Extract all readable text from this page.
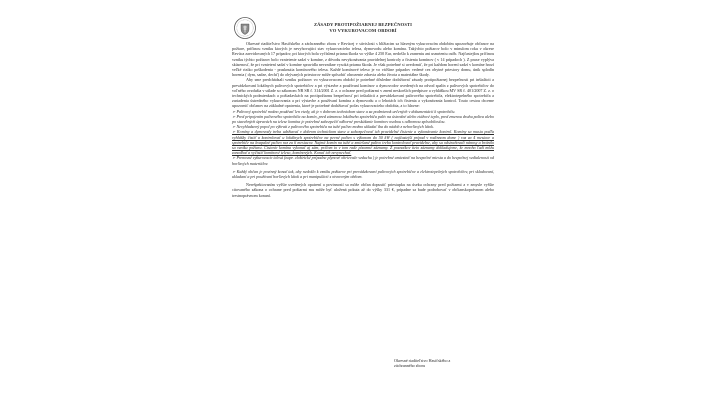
ZÁSADY PROTIPOŽIARNEJ BEZPEČNOSTI
VO VYKUROVACOM OBDOBÍ

Okresné riaditeľstvo Hasičského a záchranného zboru v Revúcej v súvislosti s blížiacim sa hlavným vykurovacím obdobím upozorňuje občanov na požiare, príčinou vzniku ktorých je nevyhovujúci stav vykurovacieho telesa, dymovodu alebo komína. Takýchto požiarov bolo v minulom roku v okrese Revúca zaevidovaných 17 prípadov, pri ktorých bola vyčíslená priama škoda vo výške 4 250 Eur, nedošlo k zraneniu ani usmrteniu osôb. Najčastejšou príčinou vzniku týchto požiarov bolo vznietenie sadzí v komíne, z dôvodu nevykonávania pravidelnej kontroly a čistenia komínov ( v 14 prípadoch ). Z praxe vyplýva skúsenosť, že pri vznietení sadzí v komíne spravidla nevznikne vysoká priama škoda. Je však potrebné si uvedomiť, že pri každom horení sadzí v komíne hrozí veľké riziko poškodenia - prasknutia komínového telesa. Každé komínové teleso je vo väčšine prípadov vedené cez obytné priestory domu, únik splodín horenia ( dym, sadze, dechť) do obývaných priestorov môže spôsobiť ohrozenie zdravia alebo života a materiálne škody.

Aby sme predchádzali vzniku požiarov vo vykurovacom období je potrebné dôsledne dodržiavať zásady protipožiarnej bezpečnosti pri inštalácii a prevádzkovaní lokálnych palivových spotrebičov a pri výstavbe a používaní komínov a dymovodov uvedených na odvod spalín z palivových spotrebičov do voľného ovzdušia v súlade so zákonom NR SR č. 314/2001 Z. z. o ochrane pred požiarmi v znení neskorších predpisov a vyhláškou MV SR č. 401/2007 Z. z. o technických podmienkach a požiadavkách na protipožiarnu bezpečnosť pri inštalácii a prevádzkovaní palivového spotrebiča, elektrotepelného spotrebiča a zariadenia ústredného vykurovania a pri výstavbe a používaní komína a dymovodu a o lehotách ich čistenia a vykonávania kontrol. Touto cestou chceme upozorniť občanov na základné opatrenia, ktoré je potrebné dodržiavať počas vykurovacieho obdobia, a to hlavne:

➢ Palivový spotrebič možno používať len vtedy, ak je v dobrom technickom stave a za podmienok určených v dokumentácii k spotrebiču.
➢ Pred pripojením palivového spotrebiča na komín, pred zámenou lokálneho spotrebiča palív na ústredné alebo etážové teplo, pred zmenou druhu paliva alebo po stavebných úpravách na telese komína je potrebné zabezpečiť odborné preskúšanie komínov osobou s odbornou spôsobilosťou.
➢ Nevyhladzený popol po výbrati z palivového spotrebiča na tuhé palivo možno ukladať iba do nádob z nehorľavých látok.
➢ Komíny a dymovody treba udržiavať v dobrom technickom stave a zabezpečovať ich pravidelné čistenie a vykonávanie kontrol. Komíny sa musia podľa vyhlášky čistiť a kontrolovať u lokálnych spotrebičov na pevné palivo s výkonom do 50 kW ( najčastejší prípad v rodinnom dome ) raz za 4 mesiace a spotrebiče na kvapalné palivo raz za 6 mesiacov. Najmä komín na tuhé a zmiešané palivo treba kontrolovať pravidelne, aby sa odstraňovali nánosy a bránilo sa vzniku požiaru. Čistenie komína vykonať aj sám, pričom to v tom rade písomné záznamy. Z poznatkov tieto záznamy dokladujeme, že mnoho ľudí môžu zanedbať a vyčistiť komínové teleso, komínových. Konať ich nevynechať.
➢ Prenosné vykurovacie telesá (napr. elektrické prípadne plynové ohrievače vzduchu ) je potrebné umiestniť na bezpečné miesta a do bezpečnej vzdialenosti od horľavých materiálov.
➢ Každý občan je povinný konať tak, aby nedošlo k vzniku požiarov pri prevádzkovaní palivových spotrebičov a elektrotepelných spotrebičov, pri skladovaní, ukladaní a pri používaní horľavých látok a pri manipulácii s otvoreným ohňom.

Nerešpektovaním vyššie uvedených opatrení a povinností sa môže občan dopustiť priestupku na úseku ochrany pred požiarmi a v zmysle vyššie citovaného zákona o ochrane pred požiarmi mu môže byť uložená pokuta až do výšky 331 €, prípadne sa bude podrobovať v občianskoprávnom alebo trestnoprávnom konaní.

Okresné riaditeľstvo Hasičského a
záchranného zboru
